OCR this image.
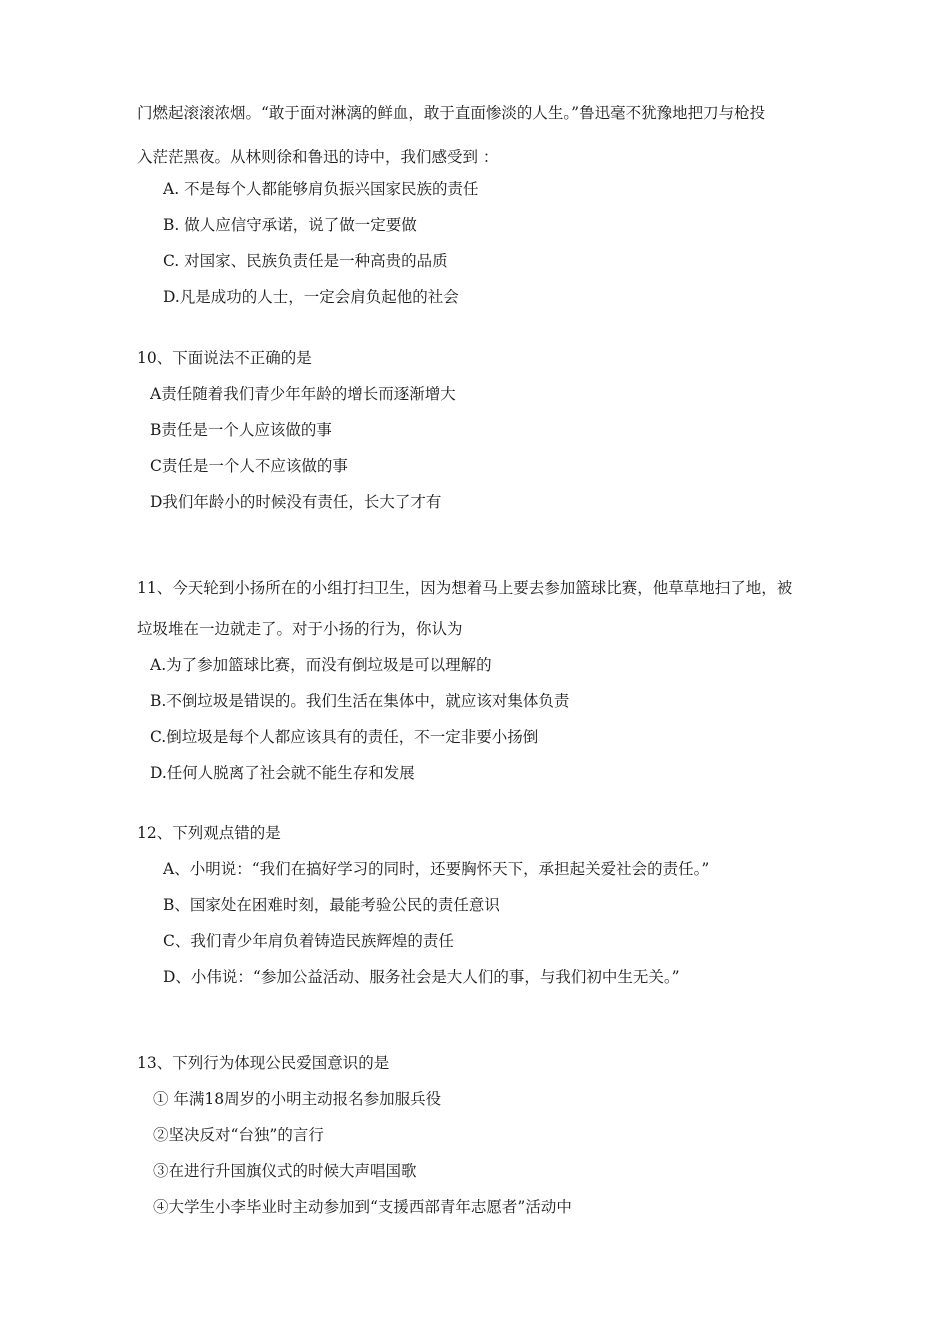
门燃起滚滚浓烟。“敢于面对淋漓的鲜血，敢于直面惨淡的人生。”鲁迅毫不犹豫地把刀与枪投
入茫茫黑夜。从林则徐和鲁迅的诗中，我们感受到 ：
A. 不是每个人都能够肩负振兴国家民族的责任
B. 做人应信守承诺，说了做一定要做
C. 对国家、民族负责任是一种高贵的品质
D.凡是成功的人士，一定会肩负起他的社会
10、下面说法不正确的是
A责任随着我们青少年年龄的增长而逐渐增大
B责任是一个人应该做的事
C责任是一个人不应该做的事
D我们年龄小的时候没有责任，长大了才有
11、今天轮到小扬所在的小组打扫卫生，因为想着马上要去参加篮球比赛，他草草地扫了地，被
垃圾堆在一边就走了。对于小扬的行为，你认为
A.为了参加篮球比赛，而没有倒垃圾是可以理解的
B.不倒垃圾是错误的。我们生活在集体中，就应该对集体负责
C.倒垃圾是每个人都应该具有的责任，不一定非要小扬倒
D.任何人脱离了社会就不能生存和发展
12、下列观点错的是
A、小明说：“我们在搞好学习的同时，还要胸怀天下，承担起关爱社会的责任。”
B、国家处在困难时刻，最能考验公民的责任意识
C、我们青少年肩负着铸造民族辉煌的责任
D、小伟说：“参加公益活动、服务社会是大人们的事，与我们初中生无关。”
13、下列行为体现公民爱国意识的是
① 年满18周岁的小明主动报名参加服兵役
②坚决反对“台独”的言行
③在进行升国旗仪式的时候大声唱国歌
④大学生小李毕业时主动参加到“支援西部青年志愿者”活动中
